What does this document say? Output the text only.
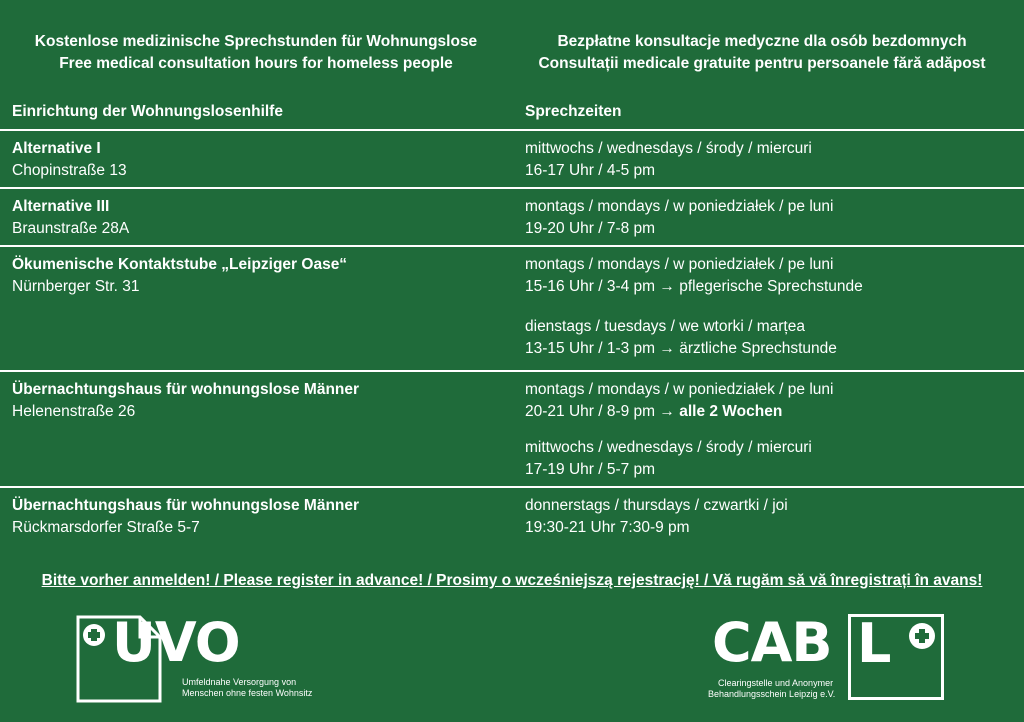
Kostenlose medizinische Sprechstunden für Wohnungslose
Free medical consultation hours for homeless people
Bezpłatne konsultacje medyczne dla osób bezdomnych
Consultații medicale gratuite pentru persoanele fără adăpost
Einrichtung der Wohnungslosenhilfe	Sprechzeiten
Alternative I
Chopinstraße 13
mittwochs / wednesdays / środy / miercuri
16-17 Uhr / 4-5 pm
Alternative III
Braunstraße 28A
montags / mondays / w poniedziałek / pe luni
19-20 Uhr / 7-8 pm
Ökumenische Kontaktstube „Leipziger Oase“
Nürnberger Str. 31
montags / mondays / w poniedziałek / pe luni
15-16 Uhr / 3-4 pm → pflegerische Sprechstunde
dienstags / tuesdays / we wtorki / marțea
13-15 Uhr / 1-3 pm → ärztliche Sprechstunde
Übernachtungshaus für wohnungslose Männer
Helenenstraße 26
montags / mondays / w poniedziałek / pe luni
20-21 Uhr / 8-9 pm → alle 2 Wochen
mittwochs / wednesdays / środy / miercuri
17-19 Uhr / 5-7 pm
Übernachtungshaus für wohnungslose Männer
Rückmarsdorfer Straße 5-7
donnerstags / thursdays / czwartki / joi
19:30-21 Uhr 7:30-9 pm
Bitte vorher anmelden! / Please register in advance! / Prosimy o wcześniejszą rejestrację! / Vă rugăm să vă înregistrați în avans!
UVO
Umfeldnahe Versorgung von
Menschen ohne festen Wohnsitz
CAB L
Clearingstelle und Anonymer
Behandlungsschein Leipzig e.V.
